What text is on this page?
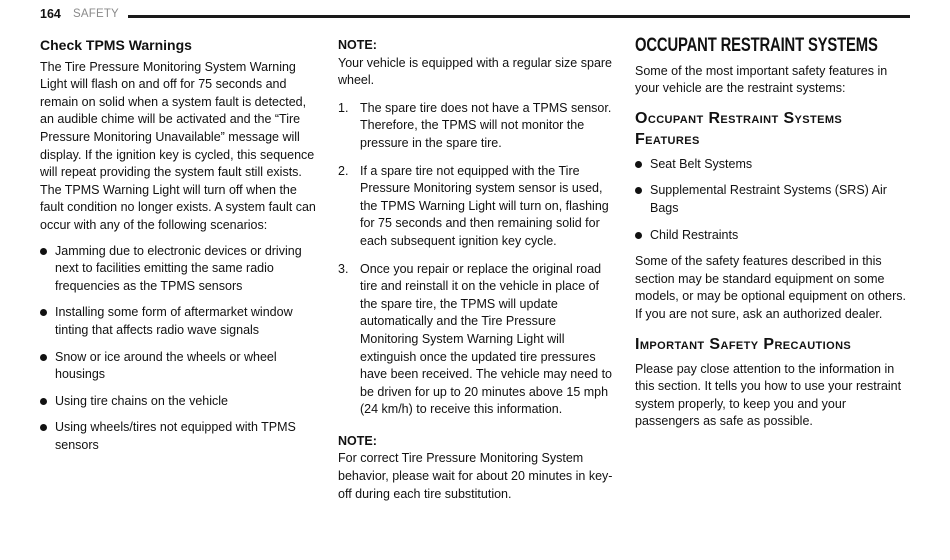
164 SAFETY
Check TPMS Warnings

The Tire Pressure Monitoring System Warning Light will flash on and off for 75 seconds and remain on solid when a system fault is detected, an audible chime will be activated and the “Tire Pressure Monitoring Unavailable” message will display. If the ignition key is cycled, this sequence will repeat providing the system fault still exists. The TPMS Warning Light will turn off when the fault condition no longer exists. A system fault can occur with any of the following scenarios:

Jamming due to electronic devices or driving next to facilities emitting the same radio frequencies as the TPMS sensors
Installing some form of aftermarket window tinting that affects radio wave signals
Snow or ice around the wheels or wheel housings
Using tire chains on the vehicle
Using wheels/tires not equipped with TPMS sensors

NOTE:

Your vehicle is equipped with a regular size spare wheel.

1. The spare tire does not have a TPMS sensor. Therefore, the TPMS will not monitor the pressure in the spare tire.
2. If a spare tire not equipped with the Tire Pressure Monitoring system sensor is used, the TPMS Warning Light will turn on, flashing for 75 seconds and then remaining solid for each subsequent ignition key cycle.
3. Once you repair or replace the original road tire and reinstall it on the vehicle in place of the spare tire, the TPMS will update automatically and the Tire Pressure Monitoring System Warning Light will extinguish once the updated tire pressures have been received. The vehicle may need to be driven for up to 20 minutes above 15 mph (24 km/h) to receive this information.

NOTE:

For correct Tire Pressure Monitoring System behavior, please wait for about 20 minutes in key-off during each tire substitution.

OCCUPANT RESTRAINT SYSTEMS

Some of the most important safety features in your vehicle are the restraint systems:

Occupant Restraint Systems Features
Seat Belt Systems
Supplemental Restraint Systems (SRS) Air Bags
Child Restraints

Some of the safety features described in this section may be standard equipment on some models, or may be optional equipment on others. If you are not sure, ask an authorized dealer.

Important Safety Precautions

Please pay close attention to the information in this section. It tells you how to use your restraint system properly, to keep you and your passengers as safe as possible.
